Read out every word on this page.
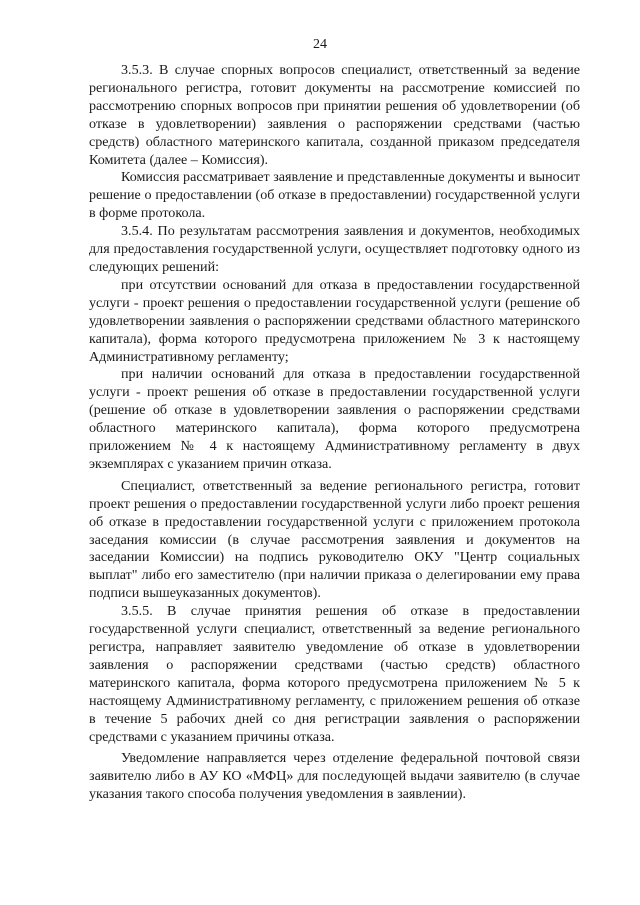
24

3.5.3. В случае спорных вопросов специалист, ответственный за ведение регионального регистра, готовит документы на рассмотрение комиссией по рассмотрению спорных вопросов при принятии решения об удовлетворении (об отказе в удовлетворении) заявления о распоряжении средствами (частью средств) областного материнского капитала, созданной приказом председателя Комитета (далее – Комиссия).

Комиссия рассматривает заявление и представленные документы и выносит решение о предоставлении (об отказе в предоставлении) государственной услуги в форме протокола.

3.5.4. По результатам рассмотрения заявления и документов, необходимых для предоставления государственной услуги, осуществляет подготовку одного из следующих решений:

при отсутствии оснований для отказа в предоставлении государственной услуги - проект решения о предоставлении государственной услуги (решение об удовлетворении заявления о распоряжении средствами областного материнского капитала), форма которого предусмотрена приложением № 3 к настоящему Административному регламенту;

при наличии оснований для отказа в предоставлении государственной услуги - проект решения об отказе в предоставлении государственной услуги (решение об отказе в удовлетворении заявления о распоряжении средствами областного материнского капитала), форма которого предусмотрена приложением № 4 к настоящему Административному регламенту в двух экземплярах с указанием причин отказа.

Специалист, ответственный за ведение регионального регистра, готовит проект решения о предоставлении государственной услуги либо проект решения об отказе в предоставлении государственной услуги с приложением протокола заседания комиссии (в случае рассмотрения заявления и документов на заседании Комиссии) на подпись руководителю ОКУ "Центр социальных выплат" либо его заместителю (при наличии приказа о делегировании ему права подписи вышеуказанных документов).

3.5.5. В случае принятия решения об отказе в предоставлении государственной услуги специалист, ответственный за ведение регионального регистра, направляет заявителю уведомление об отказе в удовлетворении заявления о распоряжении средствами (частью средств) областного материнского капитала, форма которого предусмотрена приложением № 5 к настоящему Административному регламенту, с приложением решения об отказе в течение 5 рабочих дней со дня регистрации заявления о распоряжении средствами с указанием причины отказа.

Уведомление направляется через отделение федеральной почтовой связи заявителю либо в АУ КО «МФЦ» для последующей выдачи заявителю (в случае указания такого способа получения уведомления в заявлении).
